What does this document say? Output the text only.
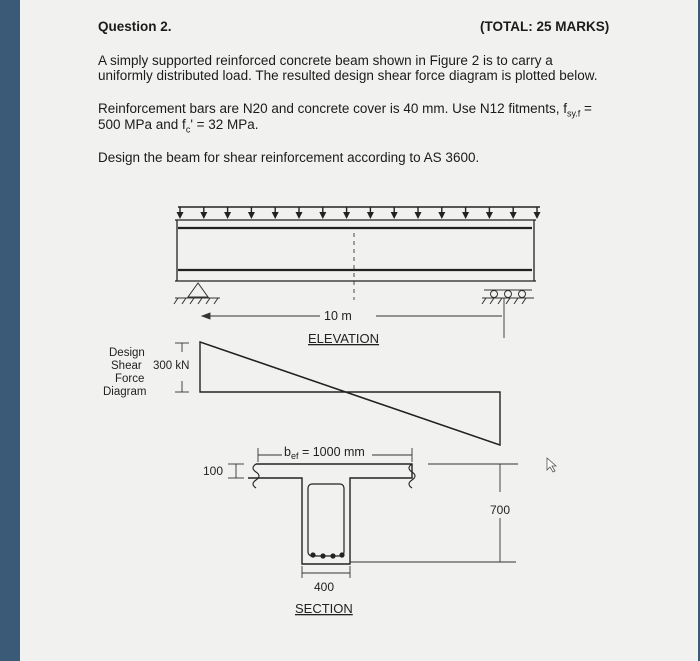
Question 2.	(TOTAL: 25 MARKS)
A simply supported reinforced concrete beam shown in Figure 2 is to carry a
uniformly distributed load. The resulted design shear force diagram is plotted below.
Reinforcement bars are N20 and concrete cover is 40 mm. Use N12 fitments, $f_{sy.f}$ =
500 MPa and $f_c' = 32$ MPa.
Design the beam for shear reinforcement according to AS 3600.
10 m
ELEVATION
Design
Shear
Force
Diagram
300 kN
$b_{ef} = 1000$ mm
100
700
400
SECTION
